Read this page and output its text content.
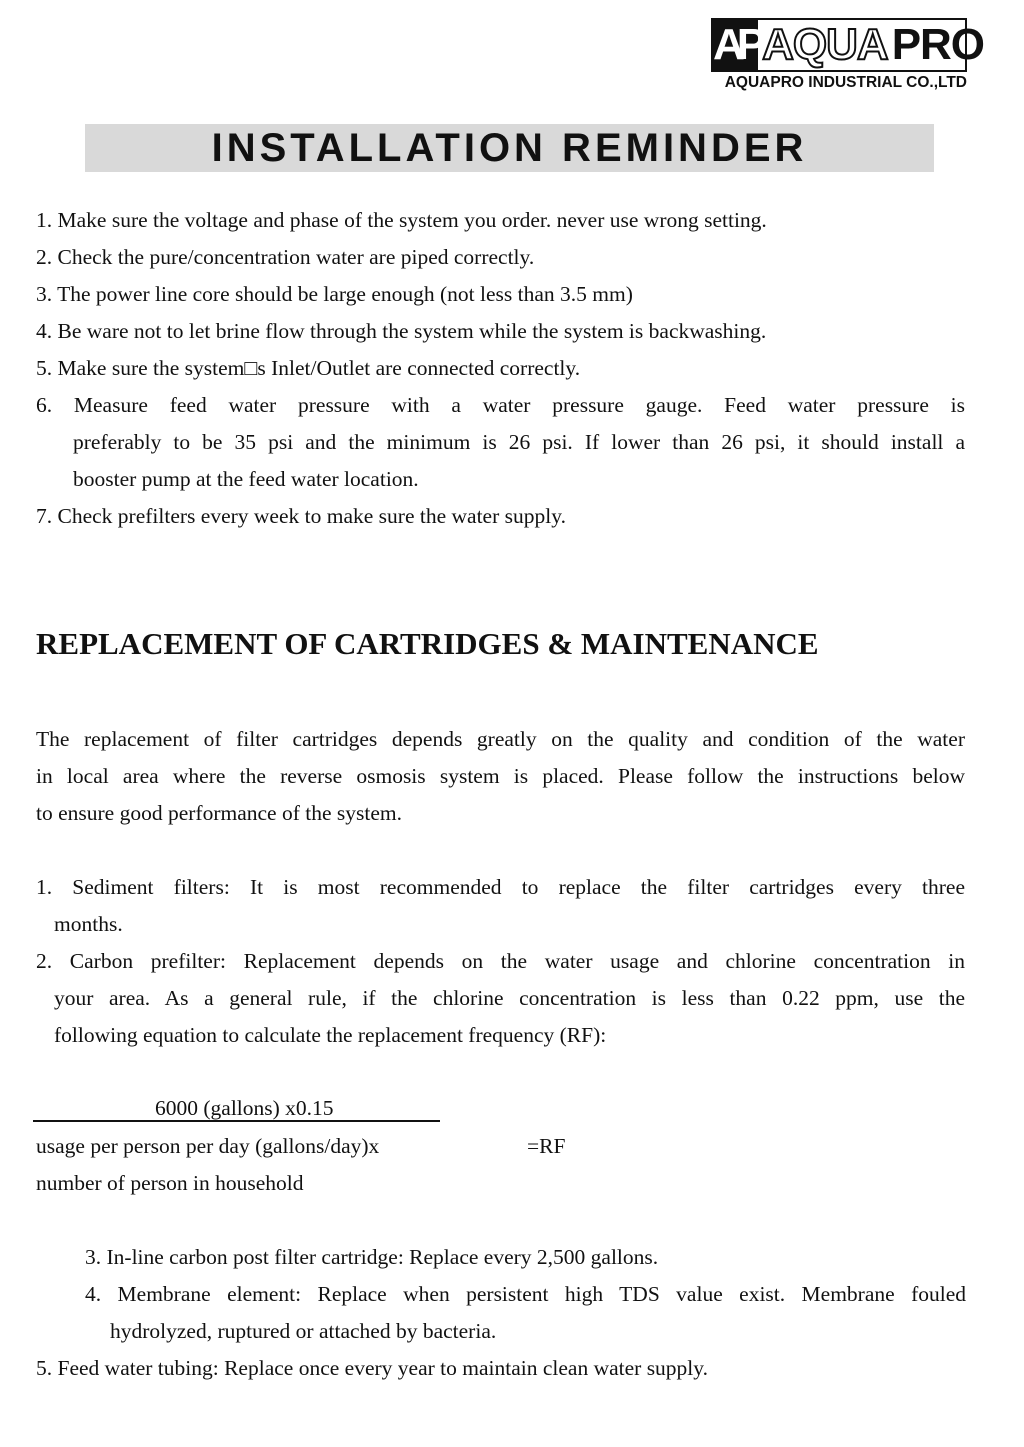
AP AQUA PRO
AQUAPRO INDUSTRIAL CO.,LTD
INSTALLATION REMINDER
1. Make sure the voltage and phase of the system you order. never use wrong setting.
2. Check the pure/concentration water are piped correctly.
3. The power line core should be large enough (not less than 3.5 mm)
4. Be ware not to let brine flow through the system while the system is backwashing.
5. Make sure the system□s Inlet/Outlet are connected correctly.
6. Measure feed water pressure with a water pressure gauge. Feed water pressure is
preferably to be 35 psi and the minimum is 26 psi. If lower than 26 psi, it should install a
booster pump at the feed water location.
7. Check prefilters every week to make sure the water supply.
REPLACEMENT OF CARTRIDGES & MAINTENANCE
The replacement of filter cartridges depends greatly on the quality and condition of the water
in local area where the reverse osmosis system is placed. Please follow the instructions below
to ensure good performance of the system.
1. Sediment filters: It is most recommended to replace the filter cartridges every three
months.
2. Carbon prefilter: Replacement depends on the water usage and chlorine concentration in
your area. As a general rule, if the chlorine concentration is less than 0.22 ppm, use the
following equation to calculate the replacement frequency (RF):
6000 (gallons) x0.15
usage per person per day (gallons/day)x	=RF
number of person in household
3. In-line carbon post filter cartridge: Replace every 2,500 gallons.
4. Membrane element: Replace when persistent high TDS value exist. Membrane fouled
hydrolyzed, ruptured or attached by bacteria.
5. Feed water tubing: Replace once every year to maintain clean water supply.
